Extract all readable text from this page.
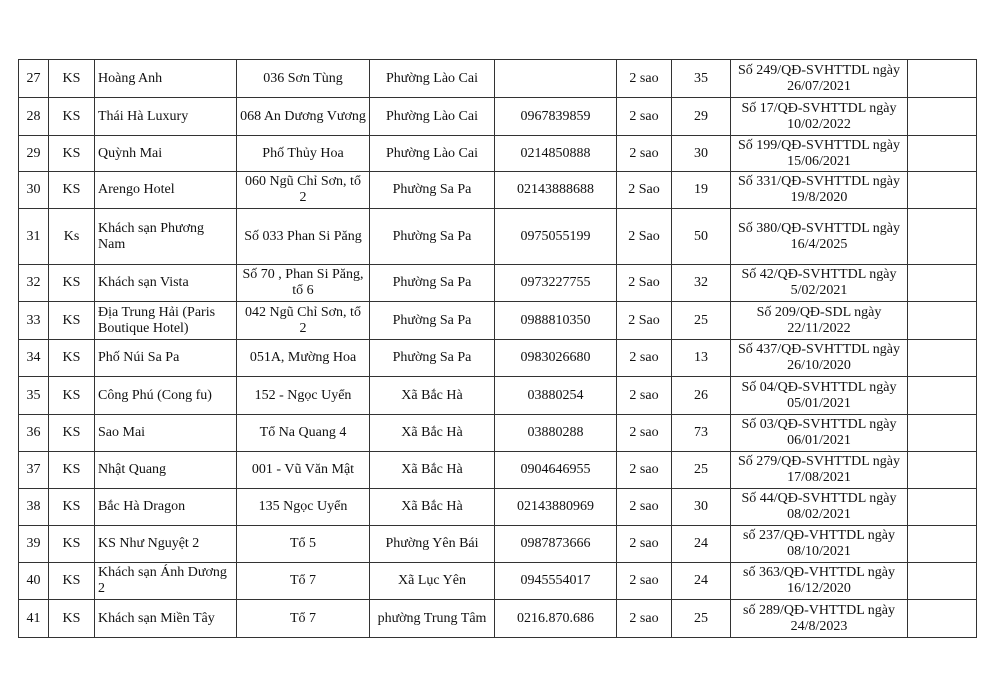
27	KS	Hoàng Anh	036 Sơn Tùng	Phường Lào Cai		2 sao	35	Số 249/QĐ-SVHTTDL ngày 26/07/2021	
28	KS	Thái Hà Luxury	068 An Dương Vương	Phường Lào Cai	0967839859	2 sao	29	Số 17/QĐ-SVHTTDL ngày 10/02/2022	
29	KS	Quỳnh Mai	Phố Thủy Hoa	Phường Lào Cai	0214850888	2 sao	30	Số 199/QĐ-SVHTTDL ngày 15/06/2021	
30	KS	Arengo Hotel	060 Ngũ Chỉ Sơn, tổ 2	Phường Sa Pa	02143888688	2 Sao	19	Số 331/QĐ-SVHTTDL ngày 19/8/2020	
31	Ks	Khách sạn Phương Nam	Số 033 Phan Si Păng	Phường Sa Pa	0975055199	2 Sao	50	Số 380/QĐ-SVHTTDL ngày 16/4/2025	
32	KS	Khách sạn Vista	Số 70 , Phan Si Păng, tổ 6	Phường Sa Pa	0973227755	2 Sao	32	Số 42/QĐ-SVHTTDL ngày 5/02/2021	
33	KS	Địa Trung Hải (Paris Boutique Hotel)	042 Ngũ Chỉ Sơn, tổ 2	Phường Sa Pa	0988810350	2 Sao	25	Số 209/QĐ-SDL ngày 22/11/2022	
34	KS	Phố Núi Sa Pa	051A, Mường Hoa	Phường Sa Pa	0983026680	2 sao	13	Số 437/QĐ-SVHTTDL ngày 26/10/2020	
35	KS	Công Phú (Cong fu)	152 - Ngọc Uyển	Xã Bắc Hà	03880254	2 sao	26	Số 04/QĐ-SVHTTDL ngày 05/01/2021	
36	KS	Sao Mai	Tổ Na Quang 4	Xã Bắc Hà	03880288	2 sao	73	Số 03/QĐ-SVHTTDL ngày 06/01/2021	
37	KS	Nhật Quang	001 - Vũ Văn Mật	Xã Bắc Hà	0904646955	2 sao	25	Số 279/QĐ-SVHTTDL ngày 17/08/2021	
38	KS	Bắc Hà Dragon	135 Ngọc Uyển	Xã Bắc Hà	02143880969	2 sao	30	Số 44/QĐ-SVHTTDL ngày 08/02/2021	
39	KS	KS Như Nguyệt 2	Tổ 5	Phường Yên Bái	0987873666	2 sao	24	số 237/QĐ-VHTTDL ngày 08/10/2021	
40	KS	Khách sạn Ánh Dương 2	Tổ 7	Xã Lục Yên	0945554017	2 sao	24	số 363/QĐ-VHTTDL ngày 16/12/2020	
41	KS	Khách sạn Miền Tây	Tổ 7	phường Trung Tâm	0216.870.686	2 sao	25	số 289/QĐ-VHTTDL ngày 24/8/2023	
